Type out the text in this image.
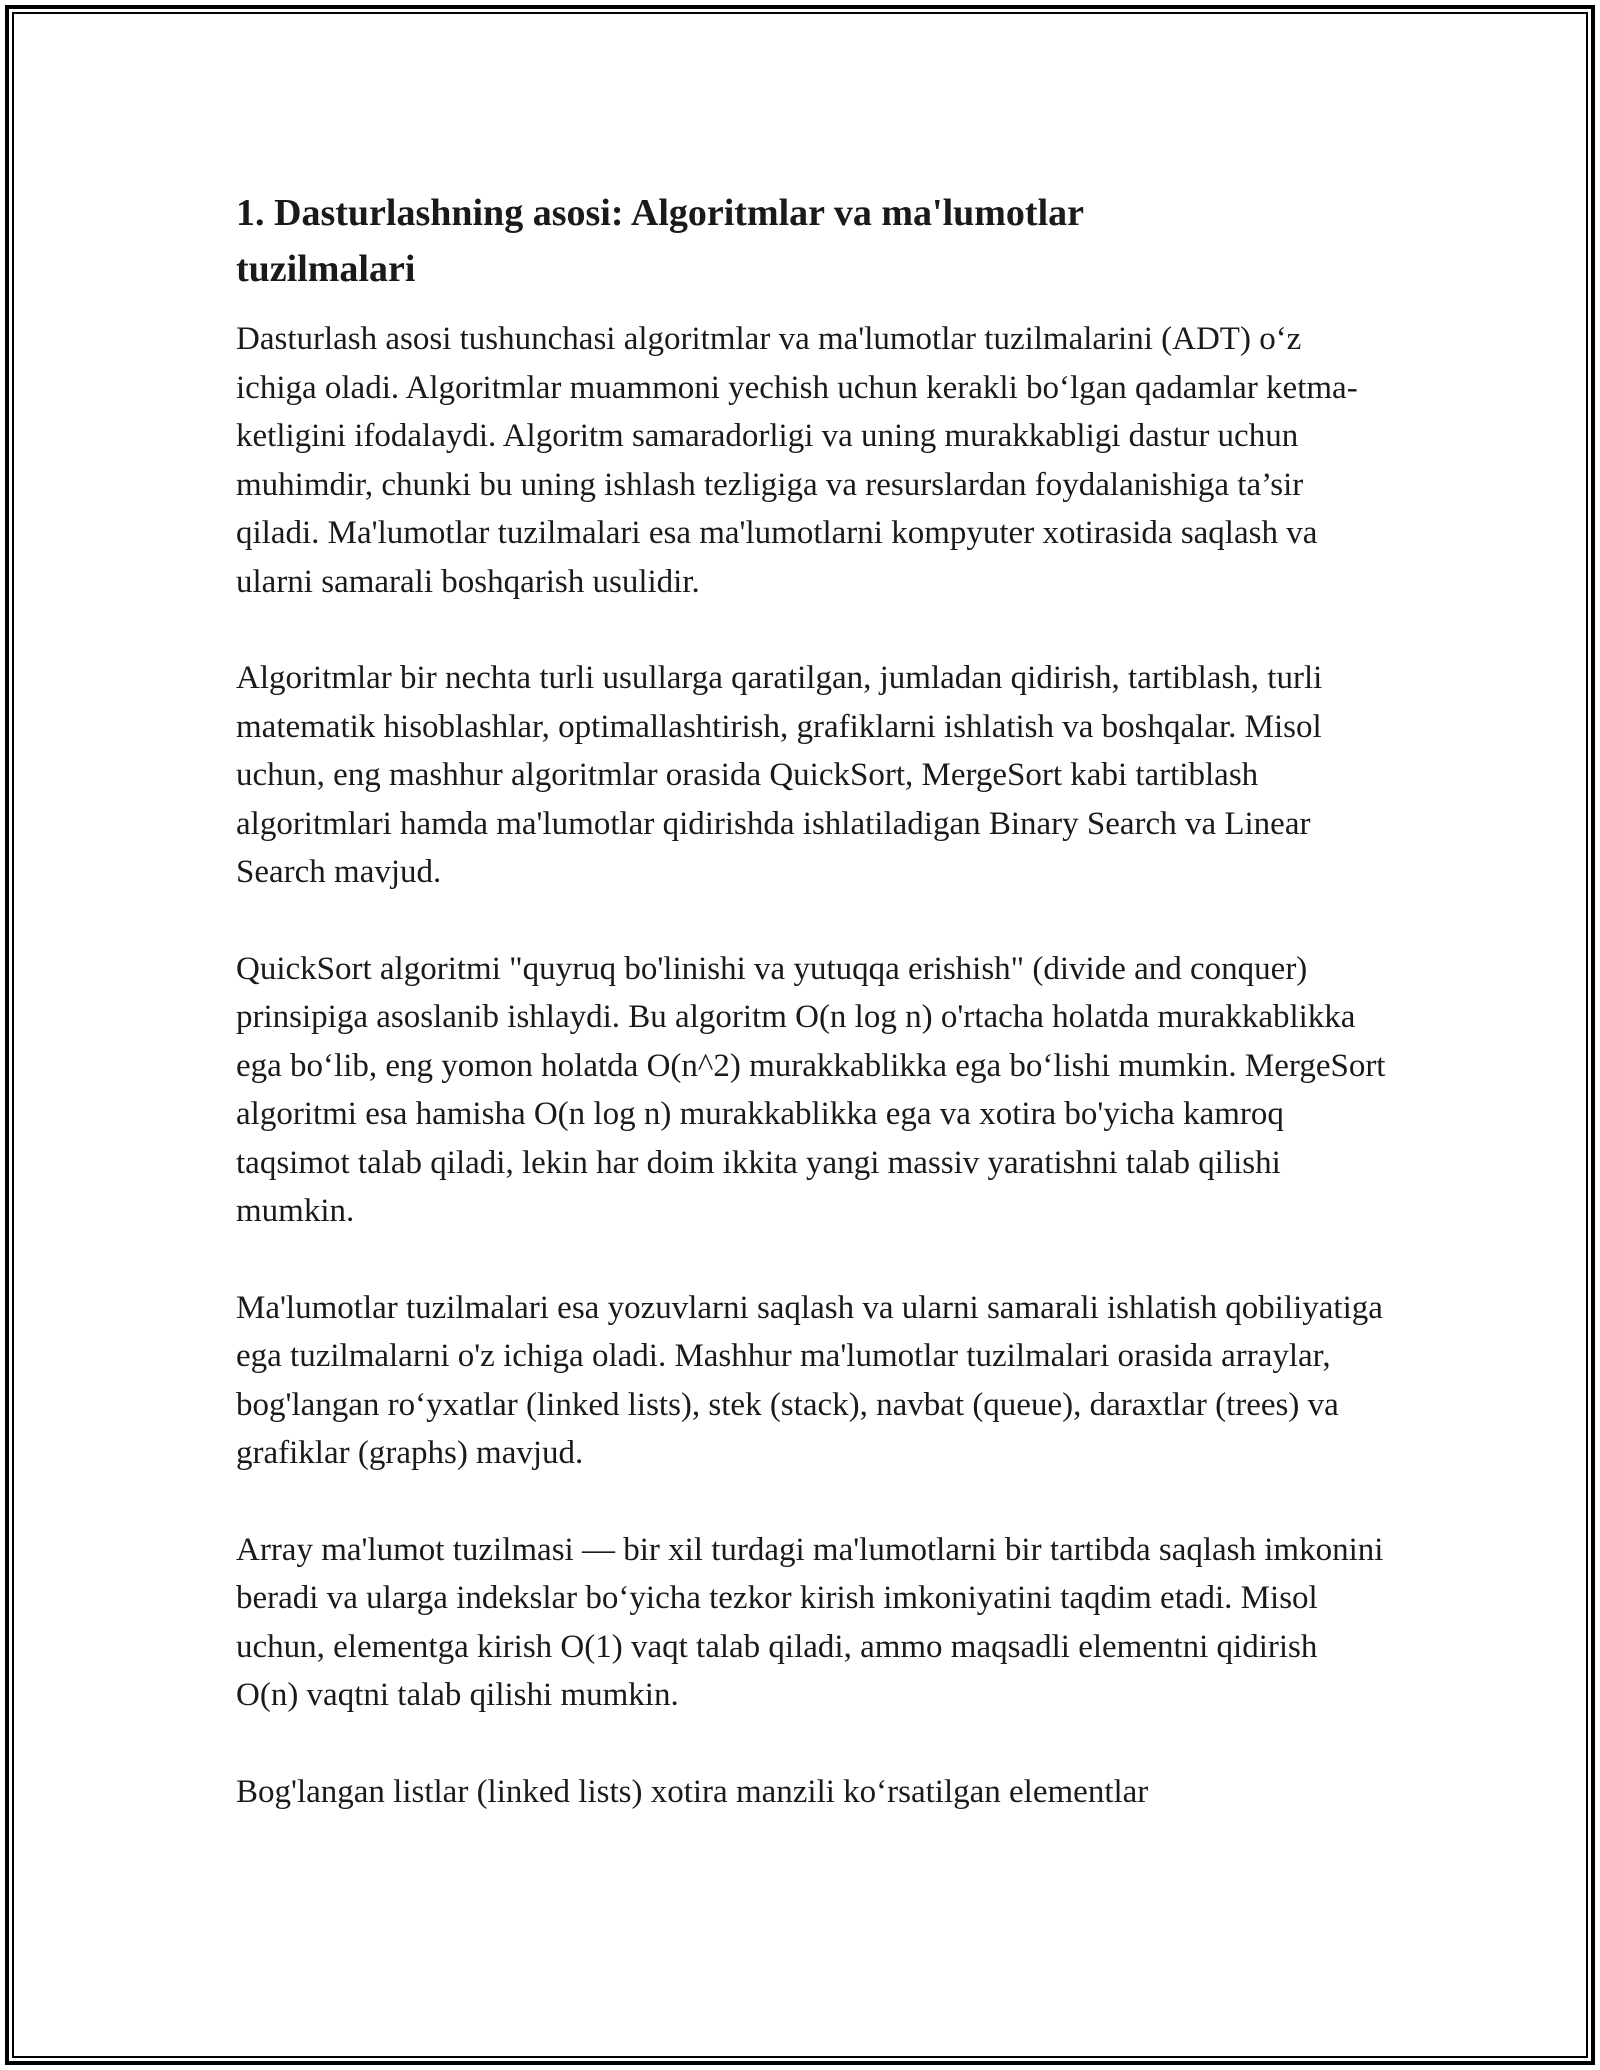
1. Dasturlashning asosi: Algoritmlar va ma'lumotlar tuzilmalari

Dasturlash asosi tushunchasi algoritmlar va ma'lumotlar tuzilmalarini (ADT) o‘z ichiga oladi. Algoritmlar muammoni yechish uchun kerakli bo‘lgan qadamlar ketma-ketligini ifodalaydi. Algoritm samaradorligi va uning murakkabligi dastur uchun muhimdir, chunki bu uning ishlash tezligiga va resurslardan foydalanishiga ta’sir qiladi. Ma'lumotlar tuzilmalari esa ma'lumotlarni kompyuter xotirasida saqlash va ularni samarali boshqarish usulidir.

Algoritmlar bir nechta turli usullarga qaratilgan, jumladan qidirish, tartiblash, turli matematik hisoblashlar, optimallashtirish, grafiklarni ishlatish va boshqalar. Misol uchun, eng mashhur algoritmlar orasida QuickSort, MergeSort kabi tartiblash algoritmlari hamda ma'lumotlar qidirishda ishlatiladigan Binary Search va Linear Search mavjud.

QuickSort algoritmi "quyruq bo'linishi va yutuqqa erishish" (divide and conquer) prinsipiga asoslanib ishlaydi. Bu algoritm O(n log n) o'rtacha holatda murakkablikka ega bo‘lib, eng yomon holatda O(n^2) murakkablikka ega bo‘lishi mumkin. MergeSort algoritmi esa hamisha O(n log n) murakkablikka ega va xotira bo'yicha kamroq taqsimot talab qiladi, lekin har doim ikkita yangi massiv yaratishni talab qilishi mumkin.

Ma'lumotlar tuzilmalari esa yozuvlarni saqlash va ularni samarali ishlatish qobiliyatiga ega tuzilmalarni o'z ichiga oladi. Mashhur ma'lumotlar tuzilmalari orasida arraylar, bog'langan ro‘yxatlar (linked lists), stek (stack), navbat (queue), daraxtlar (trees) va grafiklar (graphs) mavjud.

Array ma'lumot tuzilmasi — bir xil turdagi ma'lumotlarni bir tartibda saqlash imkonini beradi va ularga indekslar bo‘yicha tezkor kirish imkoniyatini taqdim etadi. Misol uchun, elementga kirish O(1) vaqt talab qiladi, ammo maqsadli elementni qidirish O(n) vaqtni talab qilishi mumkin.

Bog'langan listlar (linked lists) xotira manzili ko‘rsatilgan elementlar
